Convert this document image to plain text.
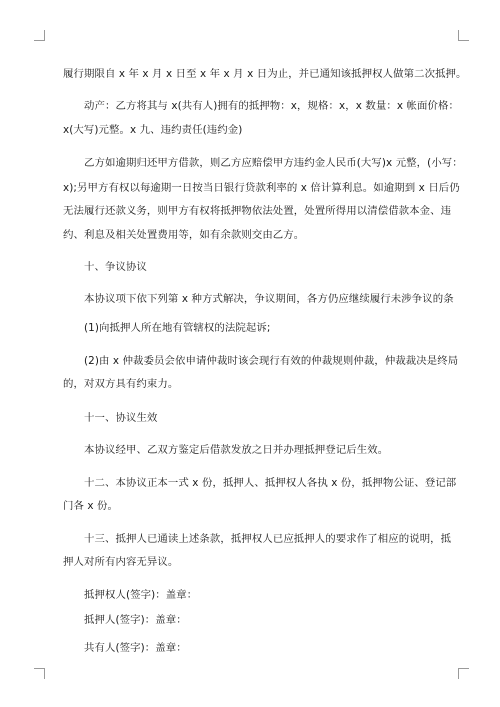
履行期限自 x 年 x 月 x 日至 x 年 x 月 x 日为止，并已通知该抵押权人做第二次抵押。
动产：乙方将其与 x(共有人)拥有的抵押物：x，规格：x，x 数量：x 帐面价格：
x(大写)元整。x 九、违约责任(违约金)
乙方如逾期归还甲方借款，则乙方应赔偿甲方违约金人民币(大写)x 元整，(小写：
x);另甲方有权以每逾期一日按当日银行贷款利率的 x 倍计算利息。如逾期到 x 日后仍
无法履行还款义务，则甲方有权将抵押物依法处置，处置所得用以清偿借款本金、违
约、利息及相关处置费用等，如有余款则交由乙方。
十、争议协议
本协议项下依下列第 x 种方式解决，争议期间，各方仍应继续履行未涉争议的条
(1)向抵押人所在地有管辖权的法院起诉;
(2)由 x 仲裁委员会依申请仲裁时该会现行有效的仲裁规则仲裁，仲裁裁决是终局
的，对双方具有约束力。
十一、协议生效
本协议经甲、乙双方鉴定后借款发放之日并办理抵押登记后生效。
十二、本协议正本一式 x 份，抵押人、抵押权人各执 x 份，抵押物公证、登记部
门各 x 份。
十三、抵押人已通读上述条款，抵押权人已应抵押人的要求作了相应的说明，抵
押人对所有内容无异议。
抵押权人(签字)：盖章：
抵押人(签字)：盖章：
共有人(签字)：盖章：
